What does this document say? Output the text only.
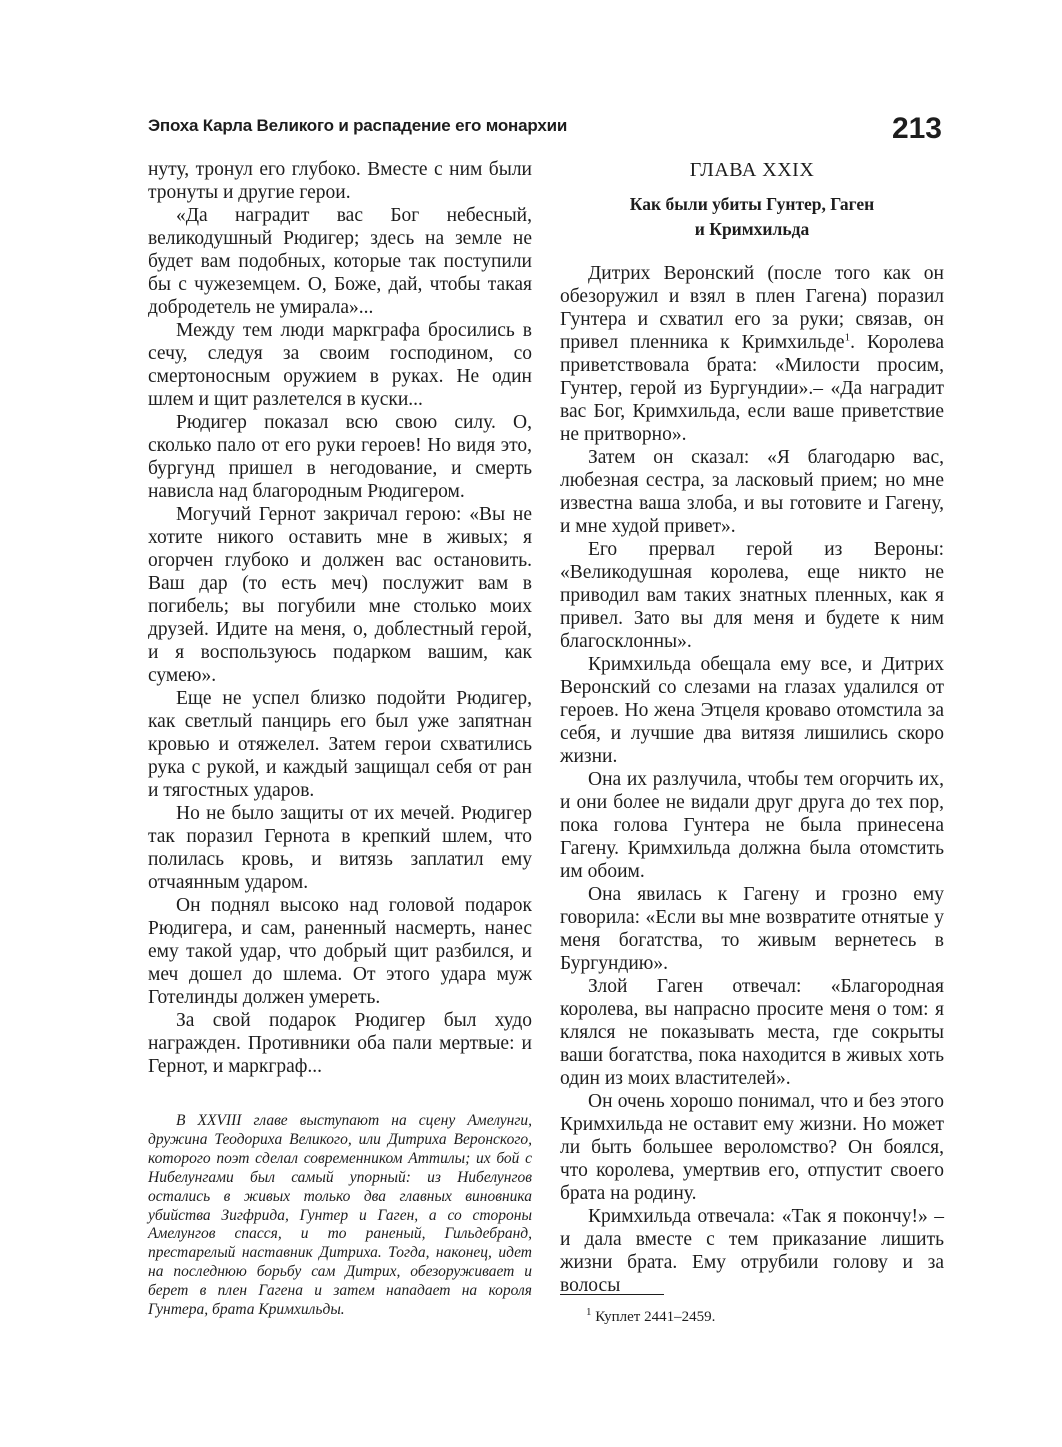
Эпоха Карла Великого и распадение его монархии	213

нуту, тронул его глубоко. Вместе с ним были тронуты и другие герои.

«Да наградит вас Бог небесный, великодушный Рюдигер; здесь на земле не будет вам подобных, которые так поступили бы с чужеземцем. О, Боже, дай, чтобы такая добродетель не умирала»...

Между тем люди маркграфа бросились в сечу, следуя за своим господином, со смертоносным оружием в руках. Не один шлем и щит разлетелся в куски...

Рюдигер показал всю свою силу. О, сколько пало от его руки героев! Но видя это, бургунд пришел в негодование, и смерть нависла над благородным Рюдигером.

Могучий Гернот закричал герою: «Вы не хотите никого оставить мне в живых; я огорчен глубоко и должен вас остановить. Ваш дар (то есть меч) послужит вам в погибель; вы погубили мне столько моих друзей. Идите на меня, о, доблестный герой, и я воспользуюсь подарком вашим, как сумею».

Еще не успел близко подойти Рюдигер, как светлый панцирь его был уже запятнан кровью и отяжелел. Затем герои схватились рука с рукой, и каждый защищал себя от ран и тягостных ударов.

Но не было защиты от их мечей. Рюдигер так поразил Гернота в крепкий шлем, что полилась кровь, и витязь заплатил ему отчаянным ударом.

Он поднял высоко над головой подарок Рюдигера, и сам, раненный насмерть, нанес ему такой удар, что добрый щит разбился, и меч дошел до шлема. От этого удара муж Готелинды должен умереть.

За свой подарок Рюдигер был худо награжден. Противники оба пали мертвые: и Гернот, и маркграф...

В XXVIII главе выступают на сцену Амелунги, дружина Теодориха Великого, или Дитриха Веронского, которого поэт сделал современником Аттилы; их бой с Нибелунгами был самый упорный: из Нибелунгов остались в живых только два главных виновника убийства Зигфрида, Гунтер и Гаген, а со стороны Амелунгов спасся, и то раненый, Гильдебранд, престарелый наставник Дитриха. Тогда, наконец, идет на последнюю борьбу сам Дитрих, обезоруживает и берет в плен Гагена и затем нападает на короля Гунтера, брата Кримхильды.

ГЛАВА XXIX
Как были убиты Гунтер, Гаген
и Кримхильда

Дитрих Веронский (после того как он обезоружил и взял в плен Гагена) поразил Гунтера и схватил его за руки; связав, он привел пленника к Кримхильде$^1$. Королева приветствовала брата: «Милости просим, Гунтер, герой из Бургундии».– «Да наградит вас Бог, Кримхильда, если ваше приветствие не притворно».

Затем он сказал: «Я благодарю вас, любезная сестра, за ласковый прием; но мне известна ваша злоба, и вы готовите и Гагену, и мне худой привет».

Его прервал герой из Вероны: «Великодушная королева, еще никто не приводил вам таких знатных пленных, как я привел. Зато вы для меня и будете к ним благосклонны».

Кримхильда обещала ему все, и Дитрих Веронский со слезами на глазах удалился от героев. Но жена Этцеля кроваво отомстила за себя, и лучшие два витязя лишились скоро жизни.

Она их разлучила, чтобы тем огорчить их, и они более не видали друг друга до тех пор, пока голова Гунтера не была принесена Гагену. Кримхильда должна была отомстить им обоим.

Она явилась к Гагену и грозно ему говорила: «Если вы мне возвратите отнятые у меня богатства, то живым вернетесь в Бургундию».

Злой Гаген отвечал: «Благородная королева, вы напрасно просите меня о том: я клялся не показывать места, где сокрыты ваши богатства, пока находится в живых хоть один из моих властителей».

Он очень хорошо понимал, что и без этого Кримхильда не оставит ему жизни. Но может ли быть большее вероломство? Он боялся, что королева, умертвив его, отпустит своего брата на родину.

Кримхильда отвечала: «Так я покончу!» – и дала вместе с тем приказание лишить жизни брата. Ему отрубили голову и за волосы

$^1$ Куплет 2441–2459.
